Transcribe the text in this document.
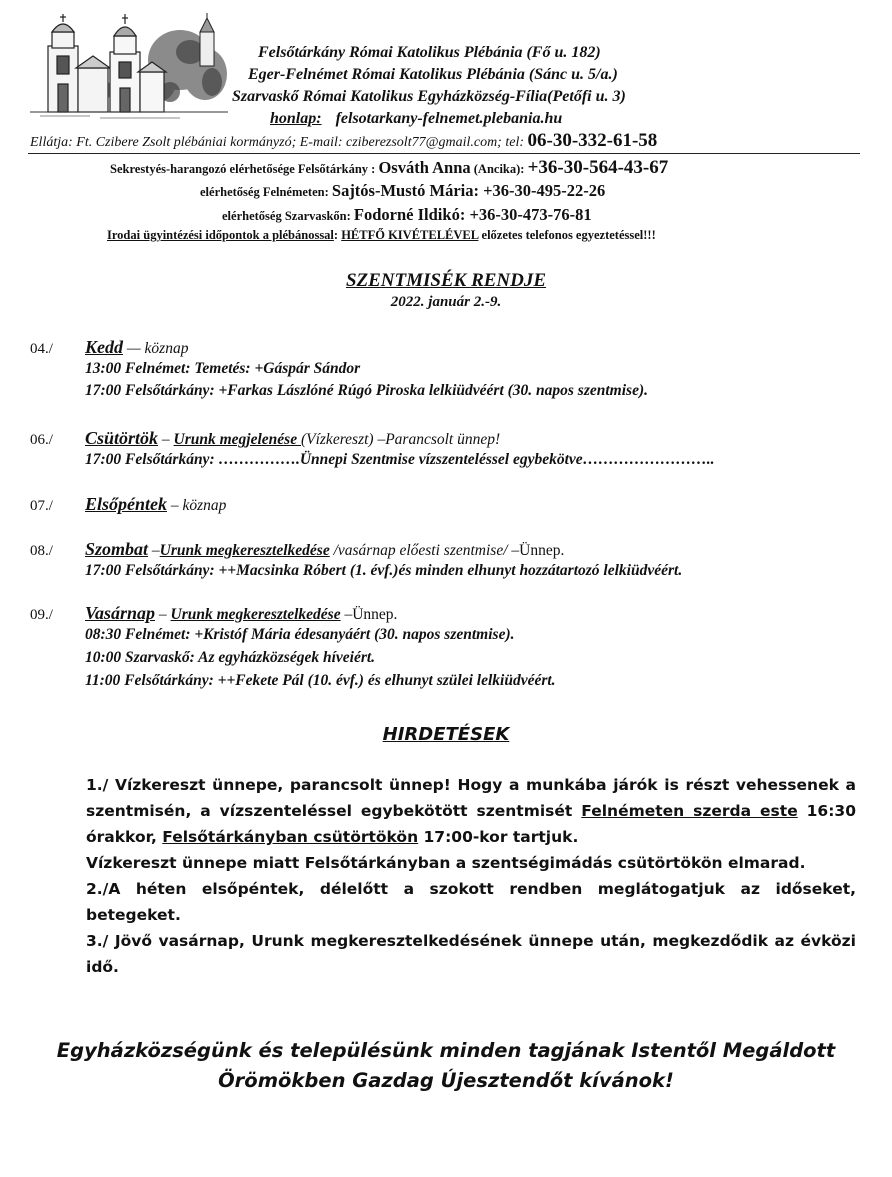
Felsőtárkány Római Katolikus Plébánia (Fő u. 182)
Eger-Felnémet Római Katolikus Plébánia (Sánc u. 5/a.)
Szarvaskő Római Katolikus Egyházközség-Fília(Petőfi u. 3)
honlap: felsotarkany-felnemet.plebania.hu
Ellátja: Ft. Czibere Zsolt plébániai kormányzó; E-mail: cziberezsolt77@gmail.com; tel: 06-30-332-61-58
Sekrestyés-harangozó elérhetősége Felsőtárkány : Osváth Anna (Ancika): +36-30-564-43-67
elérhetőség Felnémeten: Sajtós-Mustó Mária: +36-30-495-22-26
elérhetőség Szarvaskőn: Fodorné Ildikó: +36-30-473-76-81
Irodai ügyintézési időpontok a plébánossal: HÉTFŐ KIVÉTELÉVEL előzetes telefonos egyeztetéssel!!!
SZENTMISÉK RENDJE
2022. január 2.-9.
04./	Kedd — köznap
13:00 Felnémet: Temetés: +Gáspár Sándor
17:00 Felsőtárkány: +Farkas Lászlóné Rúgó Piroska lelkiüdvéért (30. napos szentmise).
06./	Csütörtök – Urunk megjelenése (Vízkereszt) –Parancsolt ünnep!
17:00 Felsőtárkány: …………….Ünnepi Szentmise vízszenteléssel egybekötve……………………..
07./	Elsőpéntek – köznap
08./	Szombat –Urunk megkeresztelkedése /vasárnap előesti szentmise/ –Ünnep.
17:00 Felsőtárkány: ++Macsinka Róbert (1. évf.)és minden elhunyt hozzátartozó lelkiüdvéért.
09./	Vasárnap – Urunk megkeresztelkedése –Ünnep.
08:30 Felnémet: +Kristóf Mária édesanyáért (30. napos szentmise).
10:00 Szarvaskő: Az egyházközségek híveiért.
11:00 Felsőtárkány: ++Fekete Pál (10. évf.) és elhunyt szülei lelkiüdvéért.
HIRDETÉSEK

1./ Vízkereszt ünnepe, parancsolt ünnep! Hogy a munkába járók is részt vehessenek a szentmisén, a vízszenteléssel egybekötött szentmisét Felnémeten szerda este 16:30 órakkor, Felsőtárkányban csütörtökön 17:00-kor tartjuk.

Vízkereszt ünnepe miatt Felsőtárkányban a szentségimádás csütörtökön elmarad.

2./A héten elsőpéntek, délelőtt a szokott rendben meglátogatjuk az időseket, betegeket.

3./ Jövő vasárnap, Urunk megkeresztelkedésének ünnepe után, megkezdődik az évközi idő.

Egyházközségünk és településünk minden tagjának Istentől Megáldott
Örömökben Gazdag Újesztendőt kívánok!
